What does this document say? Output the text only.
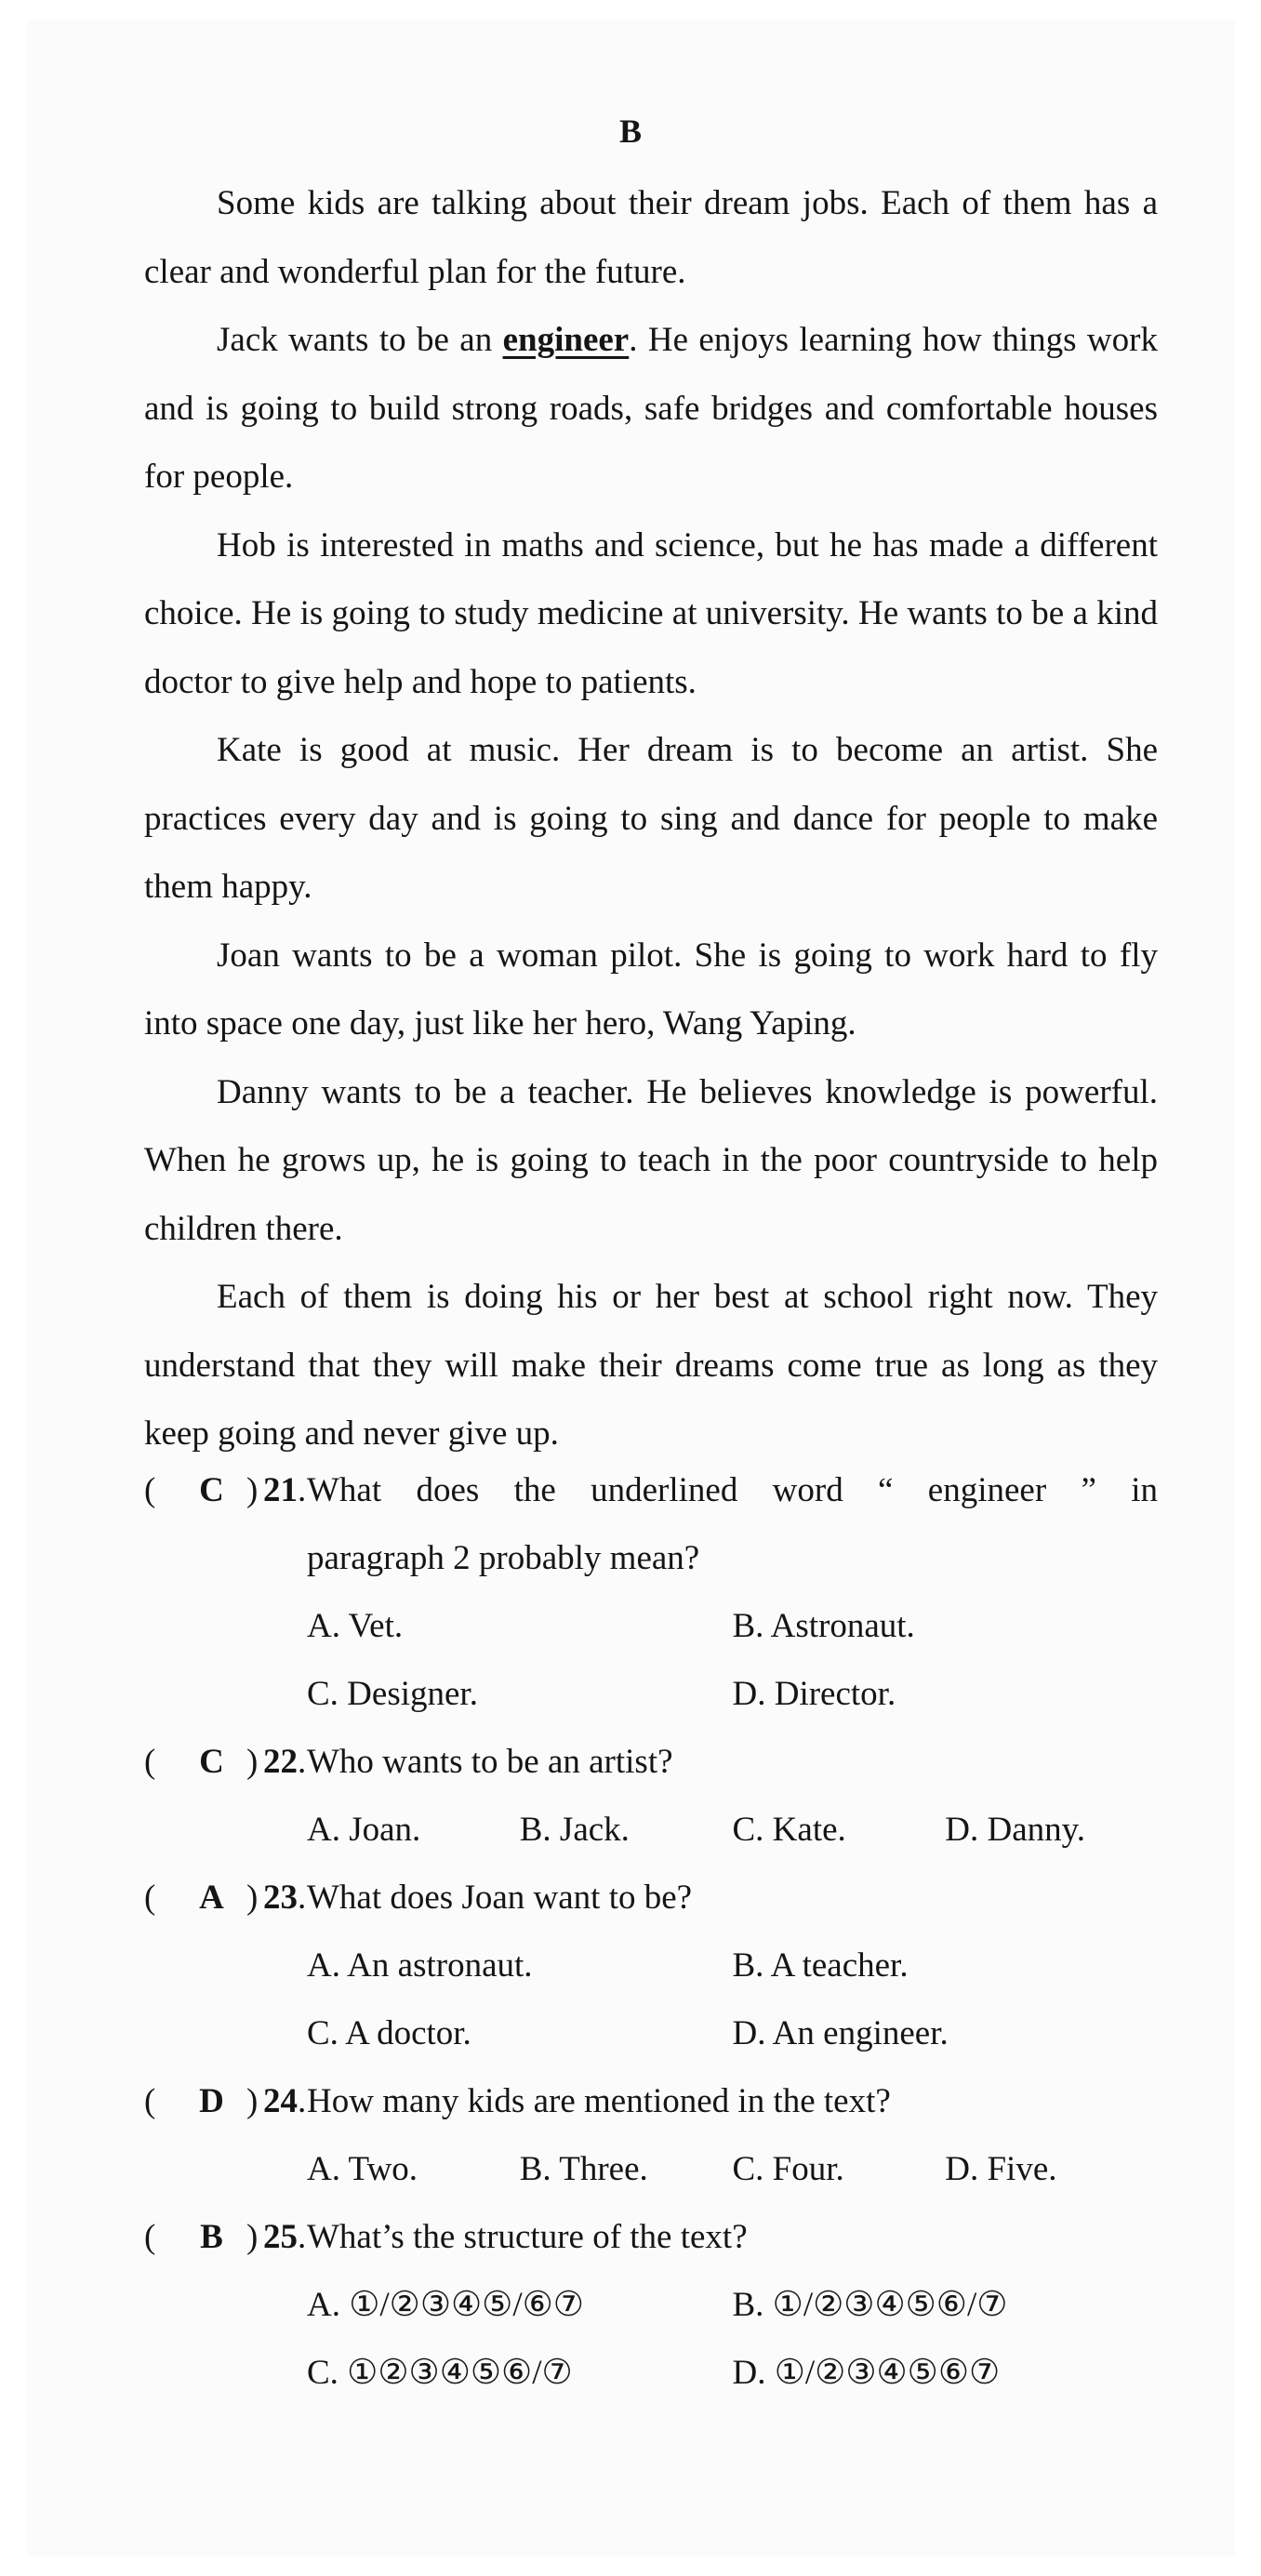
B

Some kids are talking about their dream jobs. Each of them has a clear and wonderful plan for the future.

Jack wants to be an engineer. He enjoys learning how things work and is going to build strong roads, safe bridges and comfortable houses for people.

Hob is interested in maths and science, but he has made a different choice. He is going to study medicine at university. He wants to be a kind doctor to give help and hope to patients.

Kate is good at music. Her dream is to become an artist. She practices every day and is going to sing and dance for people to make them happy.

Joan wants to be a woman pilot. She is going to work hard to fly into space one day, just like her hero, Wang Yaping.

Danny wants to be a teacher. He believes knowledge is powerful. When he grows up, he is going to teach in the poor countryside to help children there.

Each of them is doing his or her best at school right now. They understand that they will make their dreams come true as long as they keep going and never give up.

(	C ) 21 . What does the underlined word “ engineer ” in
paragraph 2 probably mean?
A. Vet.	B. Astronaut.
C. Designer.	D. Director.
(	C ) 22 . Who wants to be an artist?
A. Joan.	B. Jack.	C. Kate.	D. Danny.
(	A ) 23 . What does Joan want to be?
A. An astronaut.	B. A teacher.
C. A doctor.	D. An engineer.
(	D ) 24 . How many kids are mentioned in the text?
A. Two.	B. Three.	C. Four.	D. Five.
(	B ) 25 . What’s the structure of the text?
A. ①/②③④⑤/⑥⑦	B. ①/②③④⑤⑥/⑦
C. ①②③④⑤⑥/⑦	D. ①/②③④⑤⑥⑦
